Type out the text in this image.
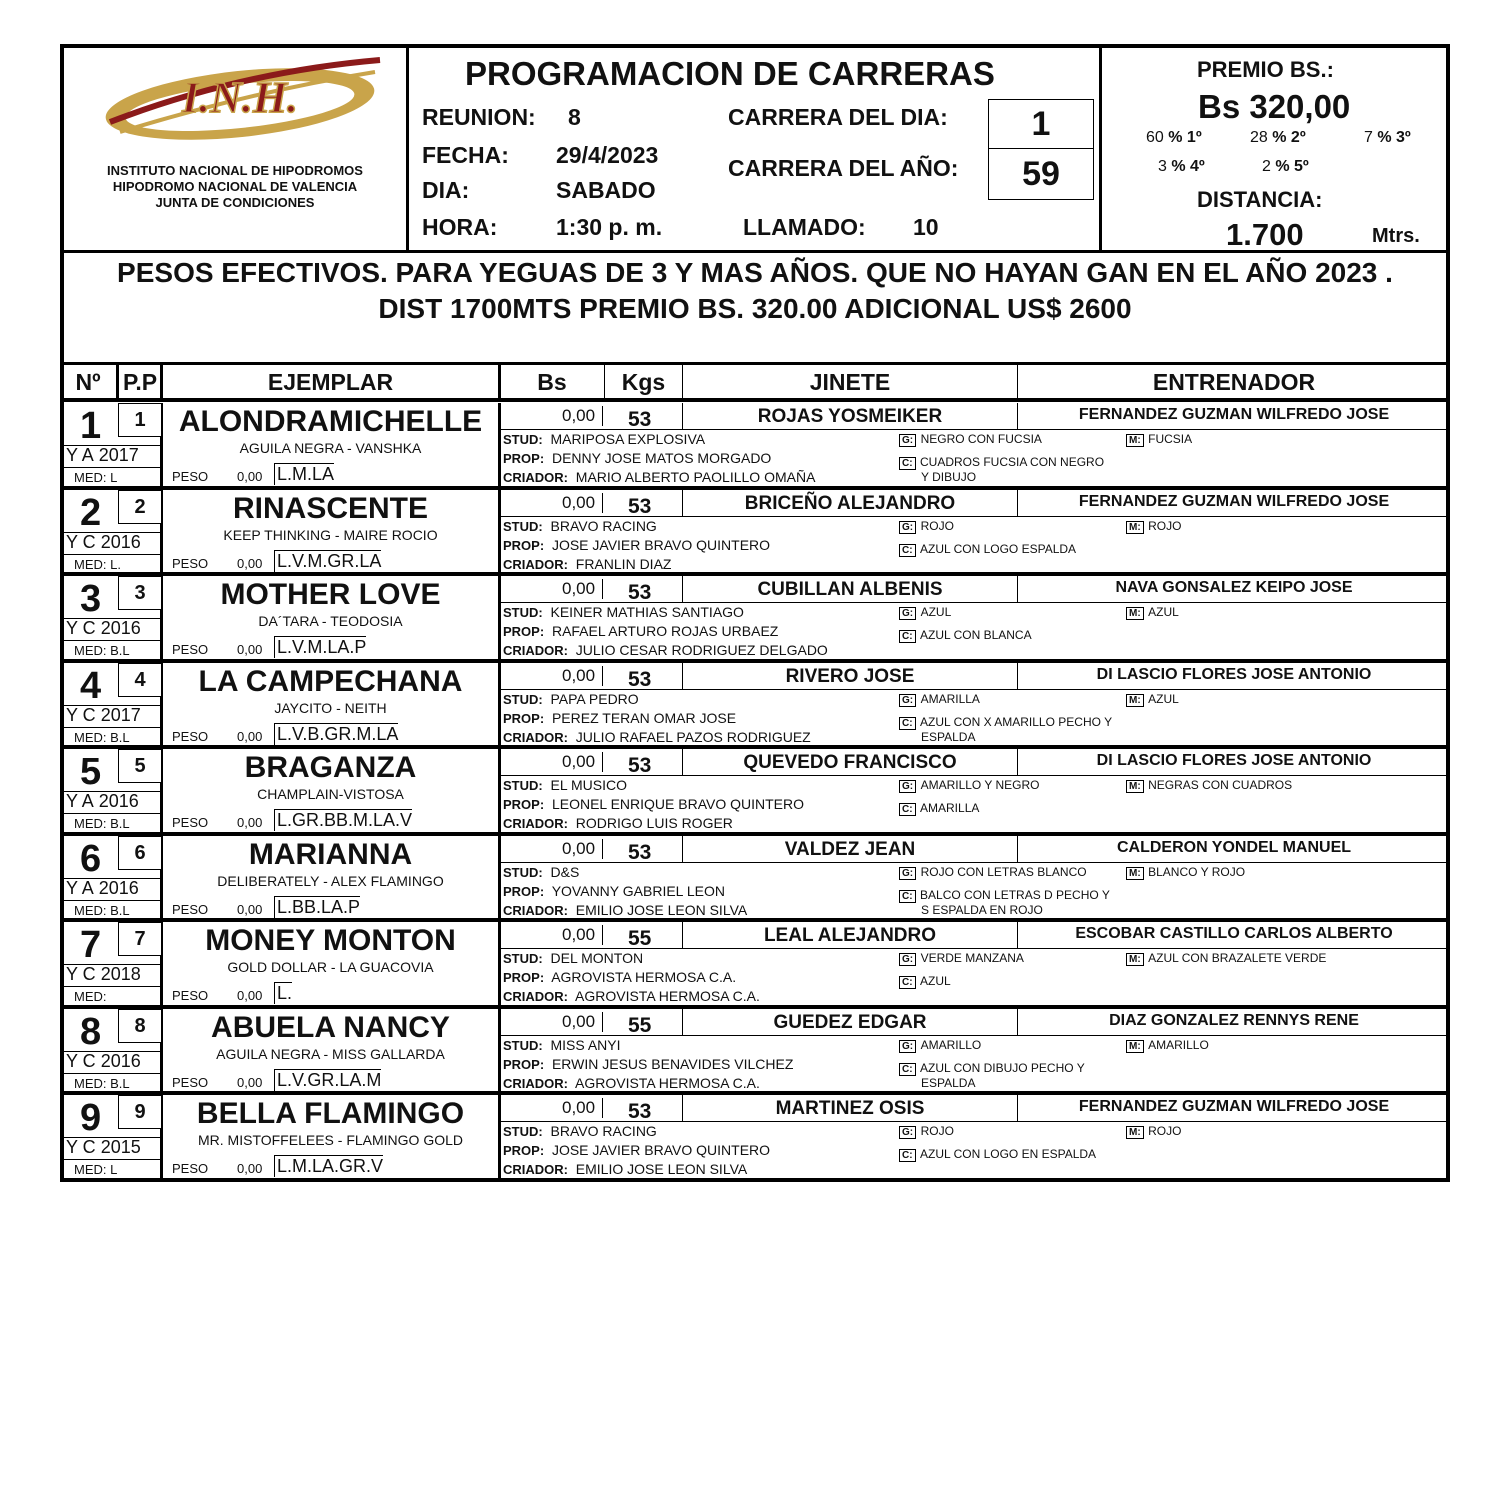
I.N.H.
INSTITUTO NACIONAL DE HIPODROMOS
HIPODROMO NACIONAL DE VALENCIA
JUNTA DE CONDICIONES
PROGRAMACION DE CARRERAS
REUNION: 8
FECHA: 29/4/2023
DIA:	SABADO
HORA:	1:30 p. m.
CARRERA DEL DIA:
CARRERA DEL AÑO:
LLAMADO: 10
1
59
PREMIO BS.:
Bs 320,00
60 % 1º	28 % 2º	7 % 3º
3 % 4º	2 % 5º
DISTANCIA:
1.700	Mtrs.
PESOS EFECTIVOS. PARA YEGUAS DE 3 Y MAS AÑOS. QUE NO HAYAN GAN EN EL AÑO 2023 .
DIST 1700MTS PREMIO BS. 320.00 ADICIONAL US$ 2600
Nº P.P	EJEMPLAR	Bs	Kgs	JINETE	ENTRENADOR
1	1
Y A 2017
MED: L
ALONDRAMICHELLE
AGUILA NEGRA - VANSHKA
PESO 0,00 L.M.LA
0,00	53	ROJAS YOSMEIKER	FERNANDEZ GUZMAN WILFREDO JOSE
STUD: MARIPOSA EXPLOSIVA
PROP: DENNY JOSE MATOS MORGADO
CRIADOR: MARIO ALBERTO PAOLILLO OMAÑA
G: NEGRO CON FUCSIA
C: CUADROS FUCSIA CON NEGRO
Y DIBUJO
M: FUCSIA
2	2
Y C 2016
MED: L.
RINASCENTE
KEEP THINKING - MAIRE ROCIO
PESO 0,00 L.V.M.GR.LA
0,00	53	BRICEÑO ALEJANDRO	FERNANDEZ GUZMAN WILFREDO JOSE
STUD: BRAVO RACING
PROP: JOSE JAVIER BRAVO QUINTERO
CRIADOR: FRANLIN DIAZ
G: ROJO
C: AZUL CON LOGO ESPALDA

M: ROJO
3	3
Y C 2016
MED: B.L
MOTHER LOVE
DA´TARA - TEODOSIA
PESO 0,00 L.V.M.LA.P
0,00	53	CUBILLAN ALBENIS	NAVA GONSALEZ KEIPO JOSE
STUD: KEINER MATHIAS SANTIAGO
PROP: RAFAEL ARTURO ROJAS URBAEZ
CRIADOR: JULIO CESAR RODRIGUEZ DELGADO
G: AZUL
C: AZUL CON BLANCA

M: AZUL
4	4
Y C 2017
MED: B.L
LA CAMPECHANA
JAYCITO - NEITH
PESO 0,00 L.V.B.GR.M.LA
0,00	53	RIVERO JOSE	DI LASCIO FLORES JOSE ANTONIO
STUD: PAPA PEDRO
PROP: PEREZ TERAN OMAR JOSE
CRIADOR: JULIO RAFAEL PAZOS RODRIGUEZ
G: AMARILLA
C: AZUL CON X AMARILLO PECHO Y
ESPALDA
M: AZUL
5	5
Y A 2016
MED: B.L
BRAGANZA
CHAMPLAIN-VISTOSA
PESO 0,00 L.GR.BB.M.LA.V
0,00	53	QUEVEDO FRANCISCO	DI LASCIO FLORES JOSE ANTONIO
STUD: EL MUSICO
PROP: LEONEL ENRIQUE BRAVO QUINTERO
CRIADOR: RODRIGO LUIS ROGER
G: AMARILLO Y NEGRO
C: AMARILLA

M: NEGRAS CON CUADROS
6	6
Y A 2016
MED: B.L
MARIANNA
DELIBERATELY - ALEX FLAMINGO
PESO 0,00 L.BB.LA.P
0,00	53	VALDEZ JEAN	CALDERON YONDEL MANUEL
STUD: D&S
PROP: YOVANNY GABRIEL LEON
CRIADOR: EMILIO JOSE LEON SILVA
G: ROJO CON LETRAS BLANCO
C: BALCO CON LETRAS D PECHO Y
S ESPALDA EN ROJO
M: BLANCO Y ROJO
7	7
Y C 2018
MED:
MONEY MONTON
GOLD DOLLAR - LA GUACOVIA
PESO 0,00 L.
0,00	55	LEAL ALEJANDRO	ESCOBAR CASTILLO CARLOS ALBERTO
STUD: DEL MONTON
PROP: AGROVISTA HERMOSA C.A.
CRIADOR: AGROVISTA HERMOSA C.A.
G: VERDE MANZANA
C: AZUL

M: AZUL CON BRAZALETE VERDE
8	8
Y C 2016
MED: B.L
ABUELA NANCY
AGUILA NEGRA - MISS GALLARDA
PESO 0,00 L.V.GR.LA.M
0,00	55	GUEDEZ EDGAR	DIAZ GONZALEZ RENNYS RENE
STUD: MISS ANYI
PROP: ERWIN JESUS BENAVIDES VILCHEZ
CRIADOR: AGROVISTA HERMOSA C.A.
G: AMARILLO
C: AZUL CON DIBUJO PECHO Y
ESPALDA
M: AMARILLO
9	9
Y C 2015
MED: L
BELLA FLAMINGO
MR. MISTOFFELEES - FLAMINGO GOLD
PESO 0,00 L.M.LA.GR.V
0,00	53	MARTINEZ OSIS	FERNANDEZ GUZMAN WILFREDO JOSE
STUD: BRAVO RACING
PROP: JOSE JAVIER BRAVO QUINTERO
CRIADOR: EMILIO JOSE LEON SILVA
G: ROJO
C: AZUL CON LOGO EN ESPALDA

M: ROJO
